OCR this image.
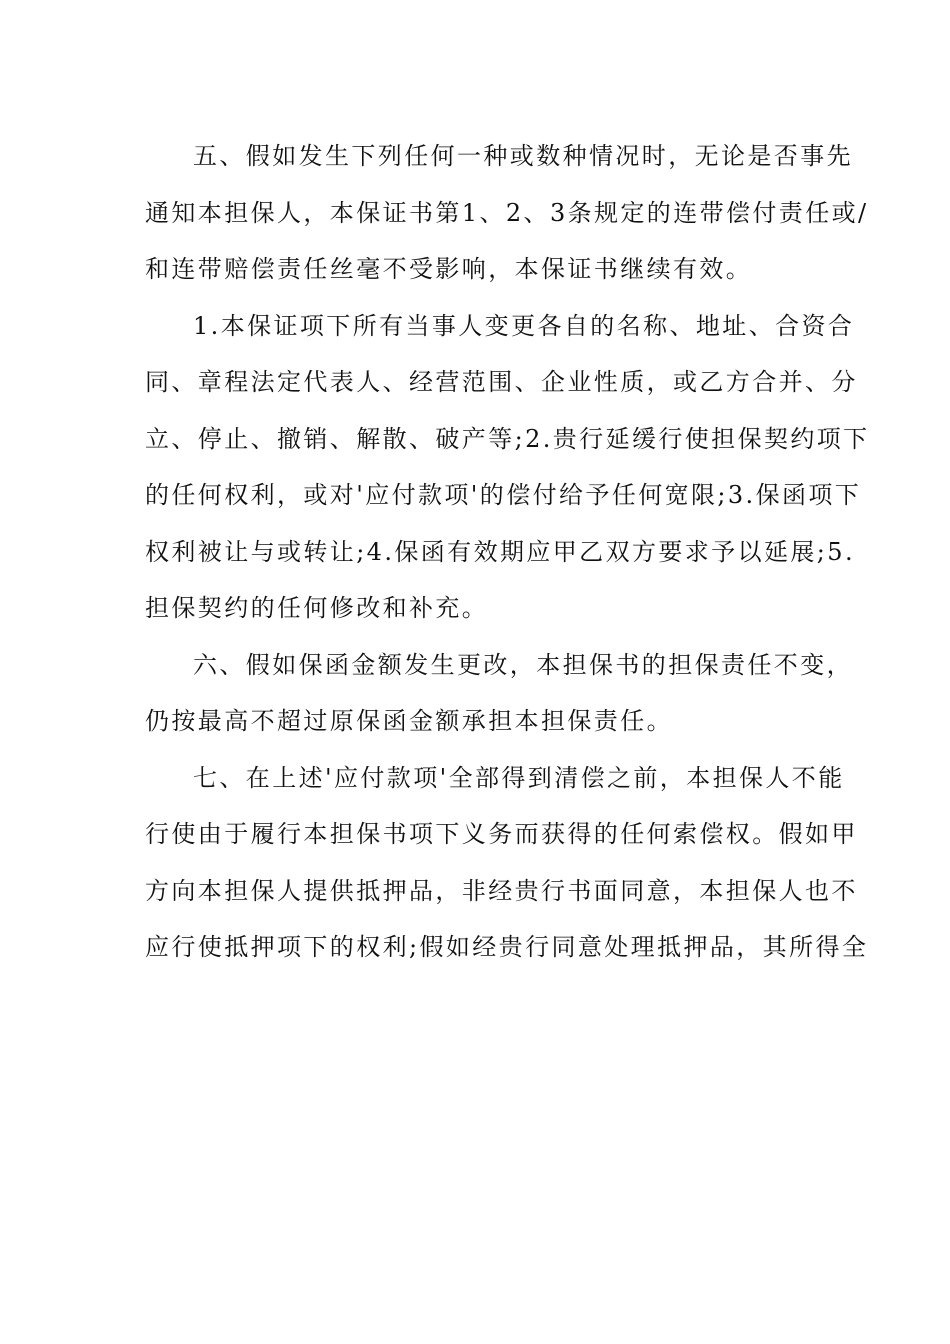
五、假如发生下列任何一种或数种情况时，无论是否事先
通知本担保人，本保证书第1、2、3条规定的连带偿付责任或/
和连带赔偿责任丝毫不受影响，本保证书继续有效。

1.本保证项下所有当事人变更各自的名称、地址、合资合
同、章程法定代表人、经营范围、企业性质，或乙方合并、分
立、停止、撤销、解散、破产等;2.贵行延缓行使担保契约项下
的任何权利，或对'应付款项'的偿付给予任何宽限;3.保函项下
权利被让与或转让;4.保函有效期应甲乙双方要求予以延展;5.
担保契约的任何修改和补充。

六、假如保函金额发生更改，本担保书的担保责任不变，
仍按最高不超过原保函金额承担本担保责任。

七、在上述'应付款项'全部得到清偿之前，本担保人不能
行使由于履行本担保书项下义务而获得的任何索偿权。假如甲
方向本担保人提供抵押品，非经贵行书面同意，本担保人也不
应行使抵押项下的权利;假如经贵行同意处理抵押品，其所得全
